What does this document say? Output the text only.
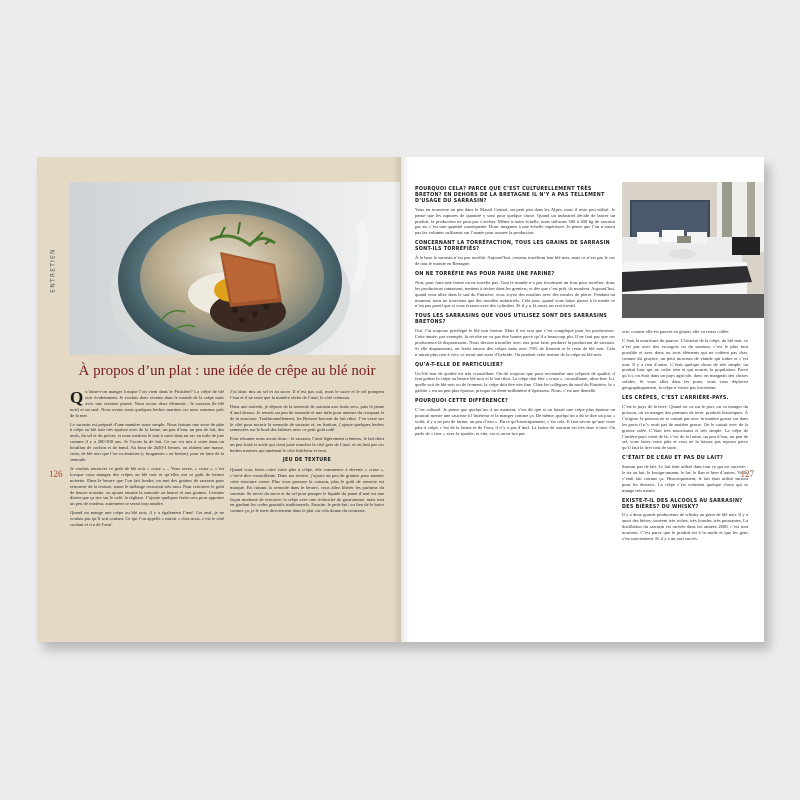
ENTRETIEN
À propos d’un plat : une idée de crêpe au blé noir

Qu’aime-t-on manger lorsque l’on vient dans le Finistère? La crêpe de blé noir évidemment. Je voulais donc revenir dans le monde de la crêpe mais avec une certaine pureté. Nous avons deux éléments : le sarrasin (le blé noir) et un œuf. Nous avons aussi quelques herbes marines car nous sommes près de la mer.

Le sarrasin est préparé d’une manière toute simple. Nous faisons une sorte de pâte à crêpe au blé noir très épaisse avec de la farine, un peu d’eau, un peu de lait, des œufs, du sel et du poivre, et nous mettons le tout à cuire dans un sac en toile de jute comme il y a 200-300 ans. Je l’avais lu de fait. Ce sac est mis à cuire dans un bouillon de cochon et de bœuf. Au bout de 2h30-3 heures, on obtient une masse, cuite, de blé noir que l’on va émietter (« bruganner » en breton), pour en faire de la semoule.

Je voulais retrouver ce goût de blé noir « cruse »… Vous savez, « cruse », c’est lorsque vous mangez des crêpes au blé noir et qu’elles ont ce goût de beurre noisette. Dans le beurre que l’on fait fondre, on met des graines de sarrasin pour retrouver de la texture, sinon le mélange ressortait très mou. Pour retrouver le goût de beurre noisette, on ajoute ensuite la semoule au beurre et aux graines. Certains disent que ça tire sur le café, la réglisse. J’ajoute quelques fruits secs pour apporter un peu de rondeur, autrement ce serait trop austère.

Quand on mange une crêpe au blé noir, il y a également l’œuf. Cet œuf, je ne voulais pas qu’il soit coulant. Ce qui l’on appelle « miroir » chez nous, c’est le côté coulant et cru de l’œuf.

J’ai donc mis au sel et au sucre. Il n’est pas cuit, mais le sucre et le sel pompent l’eau et il ne reste que la matière sèche de l’œuf, le côté crémeux.

Dans une assiette, je dépose de la semoule de sarrasin aux fruits secs, puis le jaune d’œuf dessus. Je remets un peu de semoule et une tuile pour amener du croquant et de la structure. Traditionnellement, les Bretons boivent du lait ribot. J’en verse sur le côté pour nourrir la semoule de sarrasin et, en finition, j’ajoute quelques herbes ramassées sur le bord des falaises avec ce petit goût iodé.

Pour résumer nous avons donc : le sarrasin, l’œuf légèrement crémeux, le lait ribot un peu froid et acide qui vient juste trancher le côté gras de l’œuf, et on finit par ces herbes marines qui amènent le côté fraîcheur et vent.

JEU DE TEXTURE

Quand vous faites cuire votre pâte à crêpe, elle commence à devenir « cruse », c’est-à-dire croustillante. Dans ma recette, j’ajoute un peu de graines pour amener cette structure crune. Plus vous poussez la cuisson, plus le goût de noisette est marqué. En cuisant la semoule dans le beurre, vous allez libérer les parfums du sarrasin. Se servir du sucre et du sel pour pomper le liquide du jaune d’œuf est une façon moderne de retrouver la crêpe avec une technicité de gastronome, mais tout en gardant les codes gustatifs traditionnels. Ensuite, le petit-lait, ou lieu de le boire comme ça, je le mets directement dans le plat car cela donne du contraste.

126
POURQUOI CELA? PARCE QUE C’EST CULTURELLEMENT TRÈS BRETON? EN DEHORS DE LA BRETAGNE IL N’Y A PAS TELLEMENT D’USAGE DU SARRASIN?

Vous en trouverez un peu dans le Massif Central, un petit peu dans les Alpes, mais il reste peu utilisé. Je pense que les ruptures de quantité y sont pour quelque chose. Quand un industriel décide de lancer un produit, la production ne peut pas s’arrêter. Même à notre échelle, nous utilisons 300 à 400 kg de sarrasin par an, c’est une quantité conséquente. Donc imaginez à une échelle supérieure. Je pense que l’on n’aurait pas les volumes suffisants sur l’année pour assurer la production.

CONCERNANT LA TORRÉFACTION, TOUS LES GRAINS DE SARRASIN SONT-ILS TORRÉFIÉS?

À la base le sarrasin n’est pas torréfié. Aujourd’hui, certains torréfient leur blé noir, mais ce n’est pas le cas de tout le monde en Bretagne.

ON NE TORRÉFIE PAS POUR FAIRE UNE FARINE?

Non, pour faire une farine on ne torréfie pas. Tout le monde n’a pas forcément un four pour torréfier, donc les producteurs ramassent, mettent à sécher dans les greniers, et dès que c’est prêt, ils moulent. Aujourd’hui, quand vous allez dans le sud du Finistère, vous voyez des moulins avec des meules de pierre. Pendant un moment, nous ne trouvions que des moulins industriels. Cela joue, quand vous faites passer à la meule ce n’est pas pareil que si vous écrasez avec des cylindres. Et il y a, là aussi, un vrai travail.

TOUS LES SARRASINS QUE VOUS UTILISEZ SONT DES SARRASINS BRETONS?

Oui. J’ai toujours privilégié le blé noir breton. Mais il est vrai que c’est compliqué pour les producteurs. Cette année, par exemple, la récolte ne va pas être bonne parce qu’il a beaucoup plu. Il ne faut pas que ces producteurs-là disparaissent. Nous devons travailler avec eux pour faire perdurer la production de sarrasin. Si elle disparaissait, on ferait encore des crêpes mais avec 70% de froment et le reste de blé noir. Cela n’aurait plus rien à voir, ce serait une sorte d’hybride. On perdrait cette texture de la crêpe au blé noir.

QU’A-T-ELLE DE PARTICULIER?

Un blé noir de qualité est très croustillant. On dit toujours que pour reconnaître une crêperie de qualité, il faut goûter la crêpe au beurre blé noir et le lait ribot. La crêpe doit être « cruse », croustillante, ultra-fine. Ici, quelle soit de blé noir ou de froment, la crêpe doit être très fine. Chez les collègues du nord du Finistère, la « galette » est un peu plus épaisse, presque un demi-millimètre d’épaisseur. Nous, c’est une dentelle.

POURQUOI CETTE DIFFÉRENCE?

C’est culturel. Je pense que quelqu’un, à un moment, s’est dit que si on faisait une crêpe plus épaisse on pourrait mettre une saucisse à l’intérieur et la manger comme ça. De même, quelqu’un a dû se dire un jour « voilà, il y a un peu de farine, un peu d’eau ». Parce qu’historiquement, c’est cela. Il faut savoir qu’une vraie pâte à crêpe, c’est de la farine et de l’eau, il n’y a pas d’œuf. La farine de sarrasin est très dure à tirer. On parle de « tirer » avec la spatule, et vite, car si on ne tire pas

vite, comme elle est pauvre en gluten, elle va rester collée.

C’était la nourriture du pauvre. L’histoire de la crêpe, du blé noir, ce n’est pas avec des escargots ou du saumon, c’est le plus brut possible et avec deux ou trois éléments qui ne coûtent pas cher, comme du gruyère, un petit morceau de viande qui traîne et c’est tout. Il y a rien d’autre. C’était quelque chose de très simple, un produit brut qui ne coûte rien et qui nourrit la population. Parce qu’ici, on était dans un pays agricole, donc on mangeait des choses solides. Si vous allez dans les ports, vous vous déplacez géographiquement, la crêpe n’existe pas forcément.

LES CRÊPES, C’EST L’ARRIÈRE-PAYS.

C’est le pays de la terre. Quand on va sur le port, on va manger du poisson, on va manger des pommes de terre, produits historiques. À l’origine, le poisson ne se cuisait pas avec la matière grasse car dans les ports il n’y avait pas de matière grasse. On le cuisait avec de la graisse salée. C’était très nourrissant et très simple. La crêpe de l’arrière-pays vient de là, c’est de la farine, un peu d’eau, un peu de sel, vous faites votre pâte et vous ne la laissez pas reposer parce qu’il faut la tirer tout de suite.

C’ÉTAIT DE L’EAU ET PAS DU LAIT?

Surtout pas de lait. Le lait était utilisé dans tout ce qui est sucrerie : le riz au lait, le kouign-amann, le far, le flan et bien d’autres. Voilà, c’était fait comme ça. Historiquement, le lait était utilisé surtout pour les desserts. La crêpe c’est vraiment quelque chose qui se mange très nature.

EXISTE-T-IL DES ALCOOLS AU SARRASIN? DES BIÈRES? DU WHISKY?

Il y a deux grands producteurs de whisky au grain de blé noir. Il y a aussi des bières, souvent très riches, très lourdes, très puissantes. La distillation du sarrasin est arrivée dans les années 2000, c’est tout nouveau. C’est parce que le produit est à la mode et que les gens s’en souviennent. Et il y a un vrai succès.

127
